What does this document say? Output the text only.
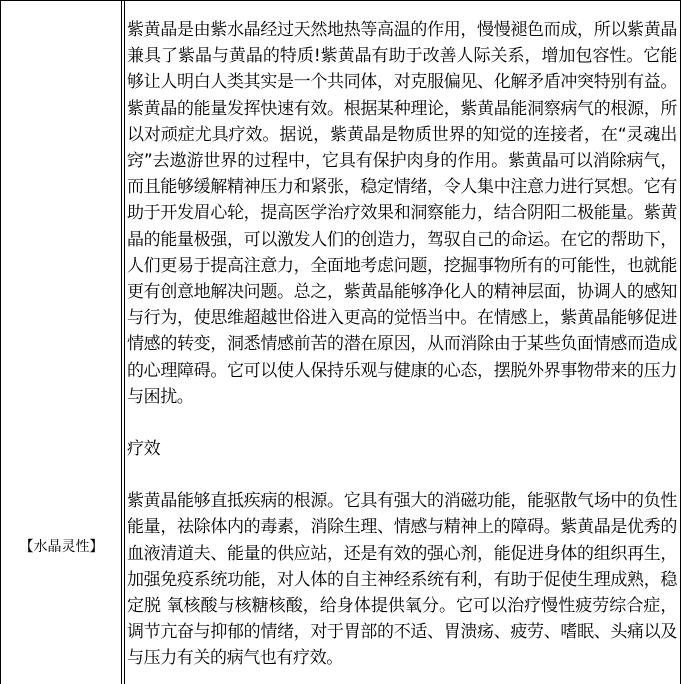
【水晶灵性】

紫黄晶是由紫水晶经过天然地热等高温的作用，慢慢褪色而成，所以紫黄晶兼具了紫晶与黄晶的特质!紫黄晶有助于改善人际关系，增加包容性。它能够让人明白人类其实是一个共同体，对克服偏见、化解矛盾冲突特别有益。紫黄晶的能量发挥快速有效。根据某种理论，紫黄晶能洞察病气的根源，所以对顽症尤具疗效。据说，紫黄晶是物质世界的知觉的连接者，在“灵魂出窍”去遨游世界的过程中，它具有保护肉身的作用。紫黄晶可以消除病气，而且能够缓解精神压力和紧张，稳定情绪，令人集中注意力进行冥想。它有助于开发眉心轮，提高医学治疗效果和洞察能力，结合阴阳二极能量。紫黄晶的能量极强，可以激发人们的创造力，驾驭自己的命运。在它的帮助下，人们更易于提高注意力，全面地考虑问题，挖掘事物所有的可能性，也就能更有创意地解决问题。总之，紫黄晶能够净化人的精神层面，协调人的感知与行为，使思维超越世俗进入更高的觉悟当中。在情感上，紫黄晶能够促进情感的转变，洞悉情感前苦的潜在原因，从而消除由于某些负面情感而造成的心理障碍。它可以使人保持乐观与健康的心态，摆脱外界事物带来的压力与困扰。

疗效

紫黄晶能够直抵疾病的根源。它具有强大的消磁功能，能驱散气场中的负性能量，祛除体内的毒素，消除生理、情感与精神上的障碍。紫黄晶是优秀的血液清道夫、能量的供应站，还是有效的强心剂，能促进身体的组织再生，加强免疫系统功能，对人体的自主神经系统有利，有助于促使生理成熟，稳定脱 氧核酸与核糖核酸，给身体提供氧分。它可以治疗慢性疲劳综合症，调节亢奋与抑郁的情绪，对于胃部的不适、胃溃疡、疲劳、嗜眠、头痛以及与压力有关的病气也有疗效。
